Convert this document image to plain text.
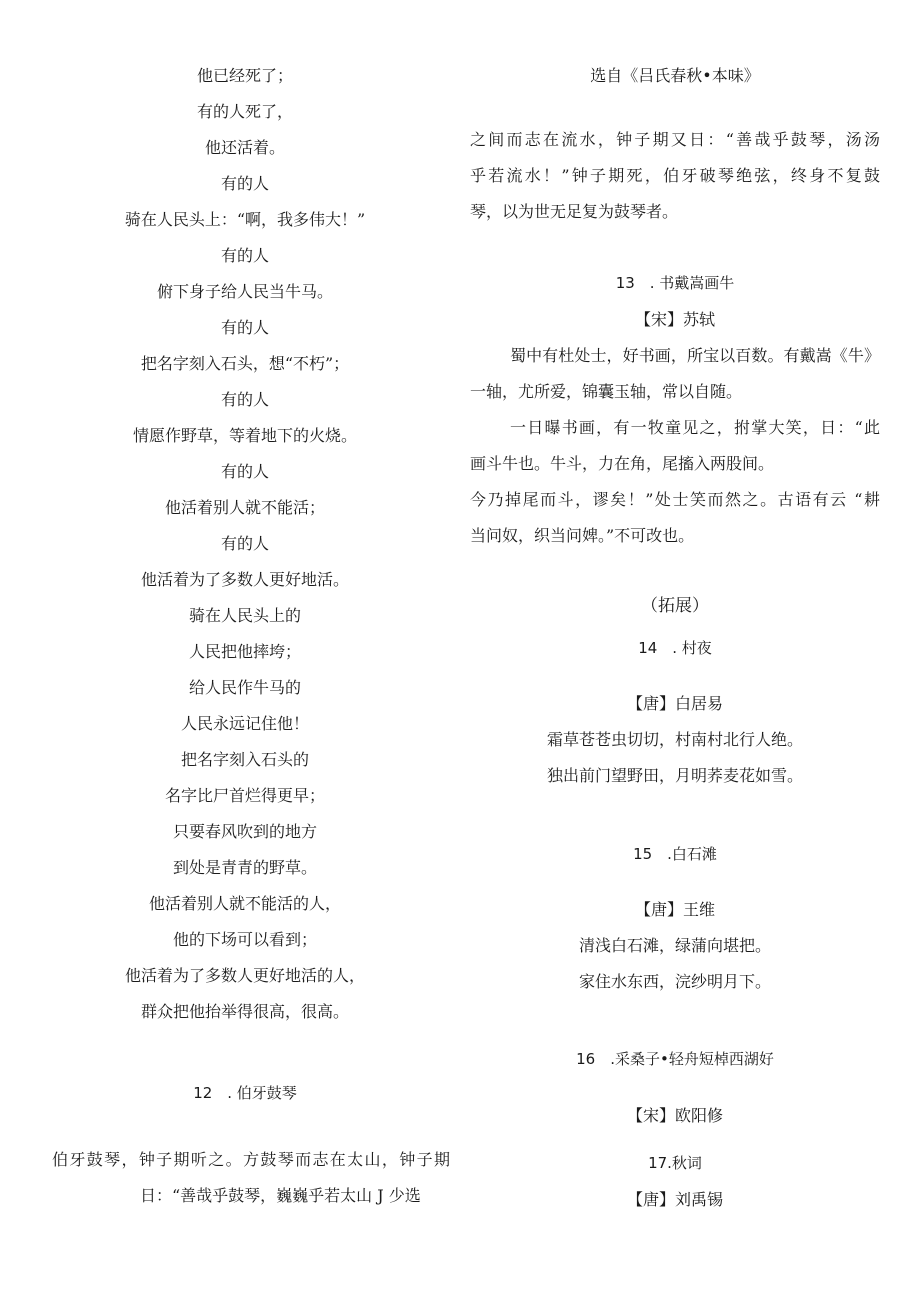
他已经死了；
有的人死了，
他还活着。
有的人
骑在人民头上：“啊，我多伟大！”
有的人
俯下身子给人民当牛马。
有的人
把名字刻入石头，想“不朽”；
有的人
情愿作野草，等着地下的火烧。
有的人
他活着别人就不能活；
有的人
他活着为了多数人更好地活。
骑在人民头上的
人民把他摔垮；
给人民作牛马的
人民永远记住他！
把名字刻入石头的
名字比尸首烂得更早；
只要春风吹到的地方
到处是青青的野草。
他活着别人就不能活的人，
他的下场可以看到；
他活着为了多数人更好地活的人，
群众把他抬举得很高，很高。
12　. 伯牙鼓琴
伯牙鼓琴，钟子期听之。方鼓琴而志在太山，钟子期
日：“善哉乎鼓琴，巍巍乎若太山 J 少选
选自《吕氏春秋•本味》
之间而志在流水，钟子期又日：“善哉乎鼓琴，汤汤
乎若流水！”钟子期死，伯牙破琴绝弦，终身不复鼓
琴，以为世无足复为鼓琴者。
13　. 书戴嵩画牛
【宋】苏轼
蜀中有杜处士，好书画，所宝以百数。有戴嵩《牛》
一轴，尤所爱，锦囊玉轴，常以自随。
一日曝书画，有一牧童见之，拊掌大笑，日：“此
画斗牛也。牛斗，力在角，尾搐入两股间。
今乃掉尾而斗，谬矣！”处士笑而然之。古语有云 “耕
当问奴，织当问婢。”不可改也。
（拓展）
14　. 村夜
【唐】白居易
霜草苍苍虫切切，村南村北行人绝。
独出前门望野田，月明荞麦花如雪。
15　.白石滩
【唐】王维
清浅白石滩，绿蒲向堪把。
家住水东西，浣纱明月下。
16　.采桑子•轻舟短棹西湖好
【宋】欧阳修
17.秋词
【唐】刘禹锡
